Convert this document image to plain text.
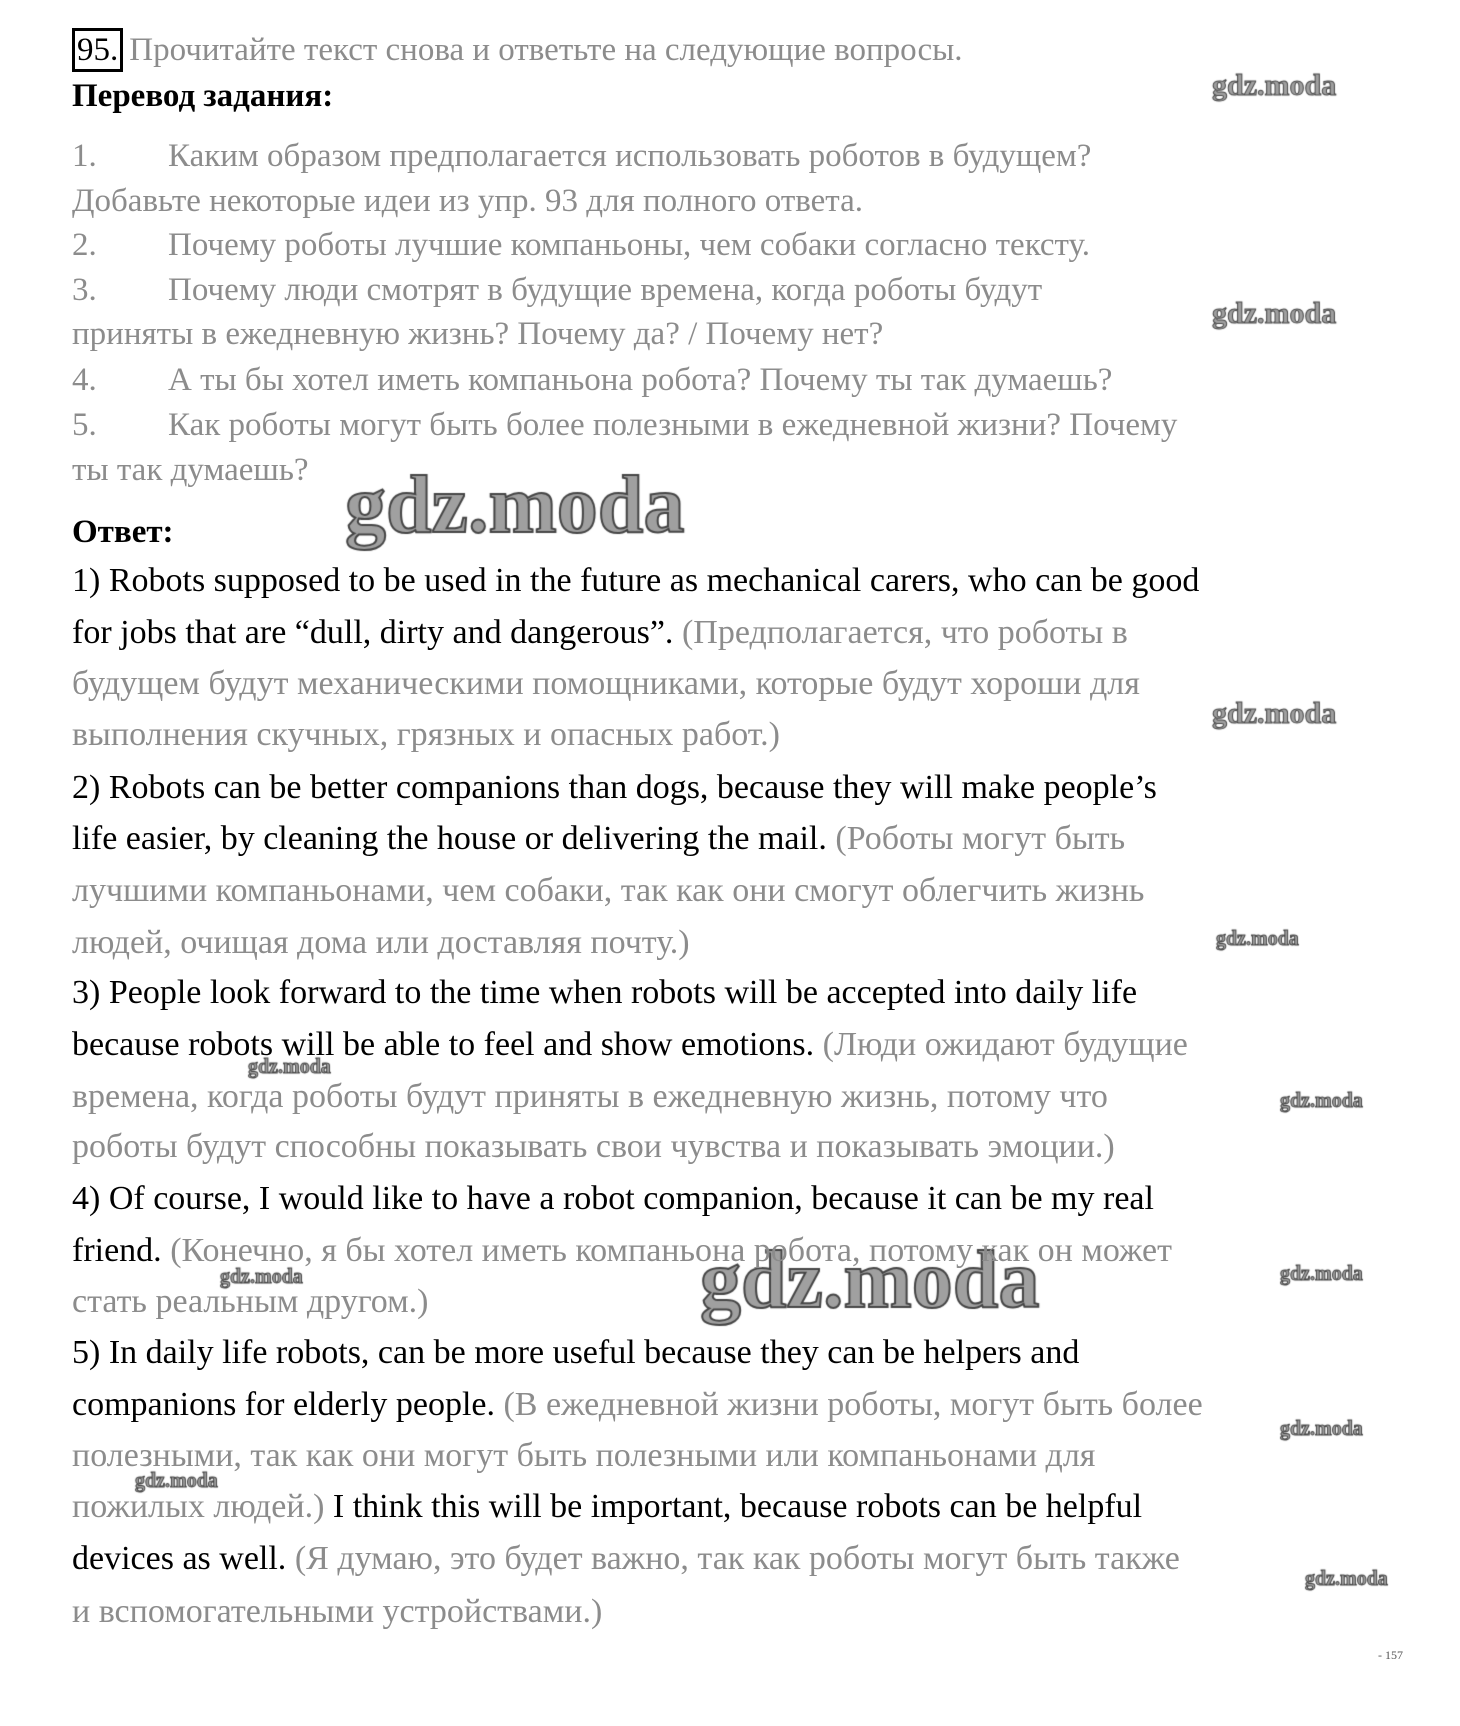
95. Прочитайте текст снова и ответьте на следующие вопросы.
Перевод задания:
1. Каким образом предполагается использовать роботов в будущем?
Добавьте некоторые идеи из упр. 93 для полного ответа.
2. Почему роботы лучшие компаньоны, чем собаки согласно тексту.
3. Почему люди смотрят в будущие времена, когда роботы будут
приняты в ежедневную жизнь? Почему да? / Почему нет?
4. А ты бы хотел иметь компаньона робота? Почему ты так думаешь?
5. Как роботы могут быть более полезными в ежедневной жизни? Почему
ты так думаешь?
Ответ:
1) Robots supposed to be used in the future as mechanical carers, who can be good
for jobs that are “dull, dirty and dangerous”. (Предполагается, что роботы в
будущем будут механическими помощниками, которые будут хороши для
выполнения скучных, грязных и опасных работ.)
2) Robots can be better companions than dogs, because they will make people’s
life easier, by cleaning the house or delivering the mail. (Роботы могут быть
лучшими компаньонами, чем собаки, так как они смогут облегчить жизнь
людей, очищая дома или доставляя почту.)
3) People look forward to the time when robots will be accepted into daily life
because robots will be able to feel and show emotions. (Люди ожидают будущие
времена, когда роботы будут приняты в ежедневную жизнь, потому что
роботы будут способны показывать свои чувства и показывать эмоции.)
4) Of course, I would like to have a robot companion, because it can be my real
friend. (Конечно, я бы хотел иметь компаньона робота, потому как он может
стать реальным другом.)
5) In daily life robots, can be more useful because they can be helpers and
companions for elderly people. (В ежедневной жизни роботы, могут быть более
полезными, так как они могут быть полезными или компаньонами для
пожилых людей.) I think this will be important, because robots can be helpful
devices as well. (Я думаю, это будет важно, так как роботы могут быть также
и вспомогательными устройствами.)
- 157
